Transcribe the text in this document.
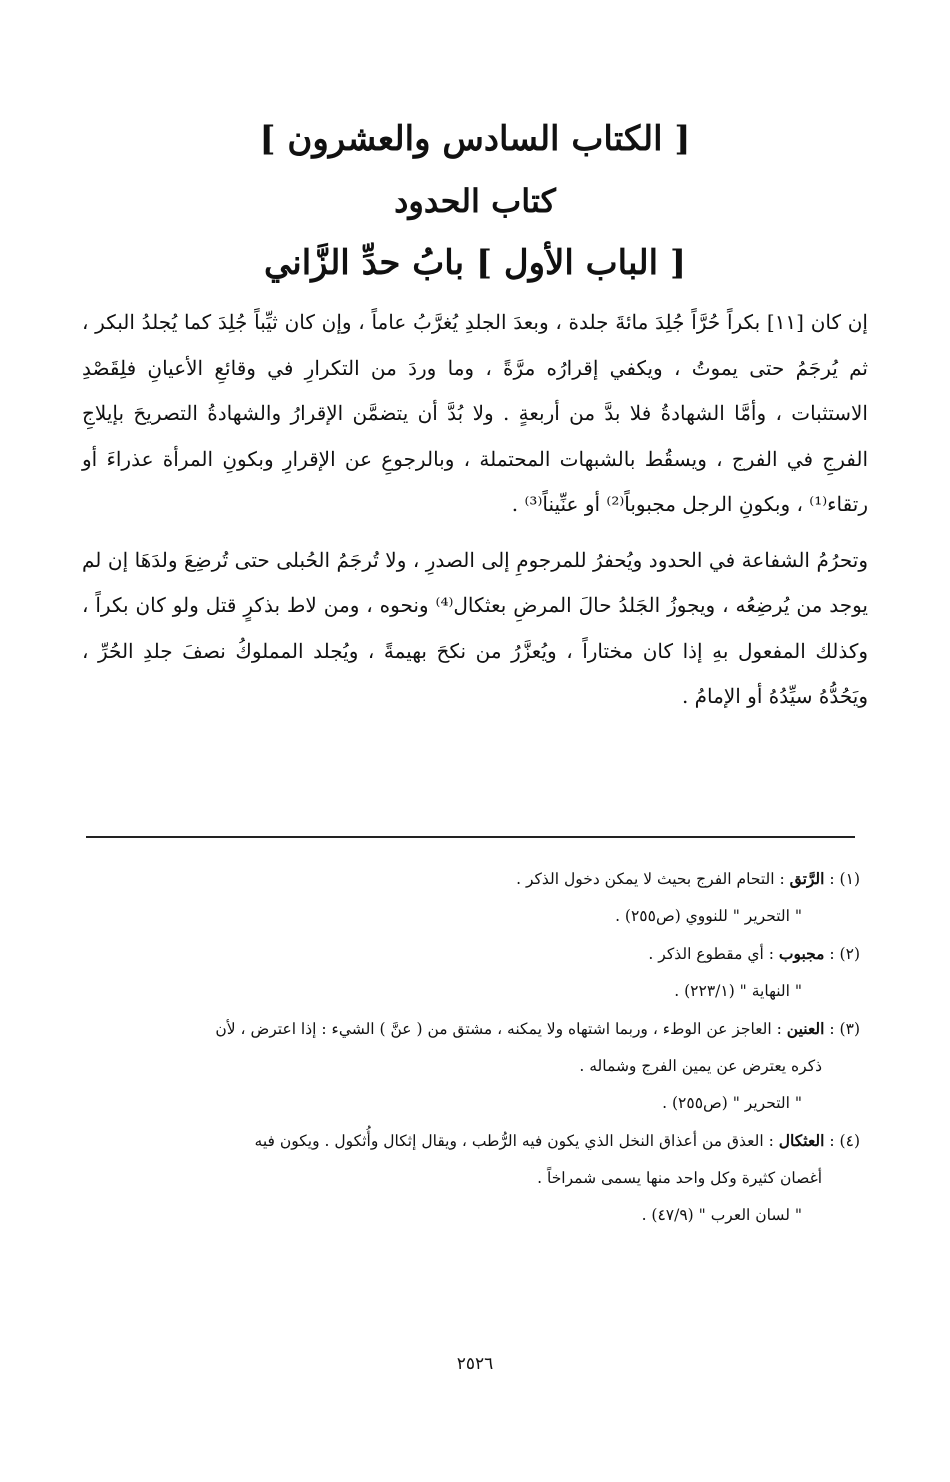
[ الكتاب السادس والعشرون ]

كتاب الحدود

[ الباب الأول ] بابُ حدِّ الزَّاني

إن كان [١١] بكراً حُرَّاً جُلِدَ مائةَ جلدة ، وبعدَ الجلدِ يُغرَّبُ عاماً ، وإن كان ثيِّباً جُلِدَ كما يُجلدُ البكر ، ثم يُرجَمُ حتى يموتُ ، ويكفي إقرارُه مرَّةً ، وما وردَ من التكرارِ في وقائعِ الأعيانِ فلِقَصْدِ الاستثبات ، وأمَّا الشهادةُ فلا بدَّ من أربعةٍ . ولا بُدَّ أن يتضمَّن الإقرارُ والشهادةُ التصريحَ بإيلاجِ الفرجِ في الفرج ، ويسقُط بالشبهات المحتملة ، وبالرجوعِ عن الإقرارِ وبكونِ المرأة عذراءَ أو رتقاء⁽¹⁾ ، وبكونِ الرجل مجبوباً⁽²⁾ أو عنِّيناً⁽³⁾ .

وتحرُمُ الشفاعة في الحدود ويُحفرُ للمرجومِ إلى الصدرِ ، ولا تُرجَمُ الحُبلى حتى تُرضِعَ ولدَهَا إن لم يوجد من يُرضِعُه ، ويجوزُ الجَلدُ حالَ المرضِ بعثكال⁽⁴⁾ ونحوه ، ومن لاط بذكرٍ قتل ولو كان بكراً ، وكذلك المفعول بهِ إذا كان مختاراً ، ويُعزَّرُ من نكحَ بهيمةً ، ويُجلد المملوكُ نصفَ جلدِ الحُرِّ ، ويَحُدُّهُ سيِّدُهُ أو الإمامُ .

(١) : الرَّتق : التحام الفرج بحيث لا يمكن دخول الذكر .

" التحرير " للنووي (ص٢٥٥) .

(٢) : مجبوب : أي مقطوع الذكر .

" النهاية " (٢٢٣/١) .

(٣) : العنين : العاجز عن الوطء ، وربما اشتهاه ولا يمكنه ، مشتق من ( عنَّ ) الشيء : إذا اعترض ، لأن

ذكره يعترض عن يمين الفرج وشماله .

" التحرير " (ص٢٥٥) .

(٤) : العثكال : العذق من أعذاق النخل الذي يكون فيه الرُّطب ، ويقال إثكال وأُثكول . ويكون فيه

أغصان كثيرة وكل واحد منها يسمى شمراخاً .

" لسان العرب " (٤٧/٩) .

٢٥٢٦
